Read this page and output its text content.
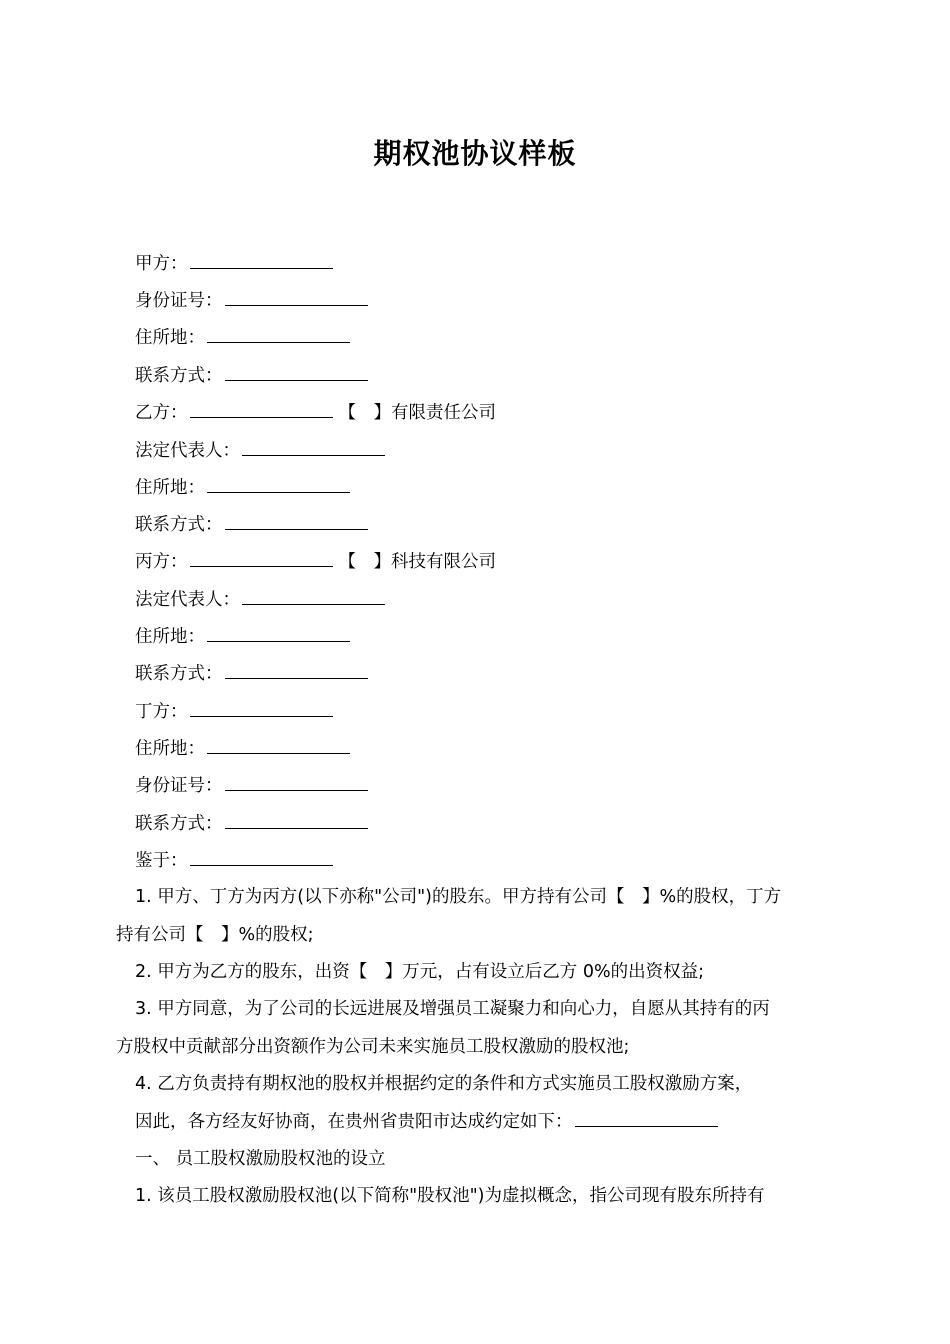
期权池协议样板
甲方：
身份证号：
住所地：
联系方式：
乙方：	【　】有限责任公司
法定代表人：
住所地：
联系方式：
丙方：	【　】科技有限公司
法定代表人：
住所地：
联系方式：
丁方：
住所地：
身份证号：
联系方式：
鉴于：
1. 甲方、丁方为丙方(以下亦称"公司")的股东。甲方持有公司【　】%的股权，丁方
持有公司【　】%的股权;
2. 甲方为乙方的股东，出资【　】万元，占有设立后乙方 0%的出资权益;
3. 甲方同意，为了公司的长远进展及增强员工凝聚力和向心力，自愿从其持有的丙
方股权中贡献部分出资额作为公司未来实施员工股权激励的股权池;
4. 乙方负责持有期权池的股权并根据约定的条件和方式实施员工股权激励方案，
因此，各方经友好协商，在贵州省贵阳市达成约定如下：
一、 员工股权激励股权池的设立
1. 该员工股权激励股权池(以下简称"股权池")为虚拟概念，指公司现有股东所持有
